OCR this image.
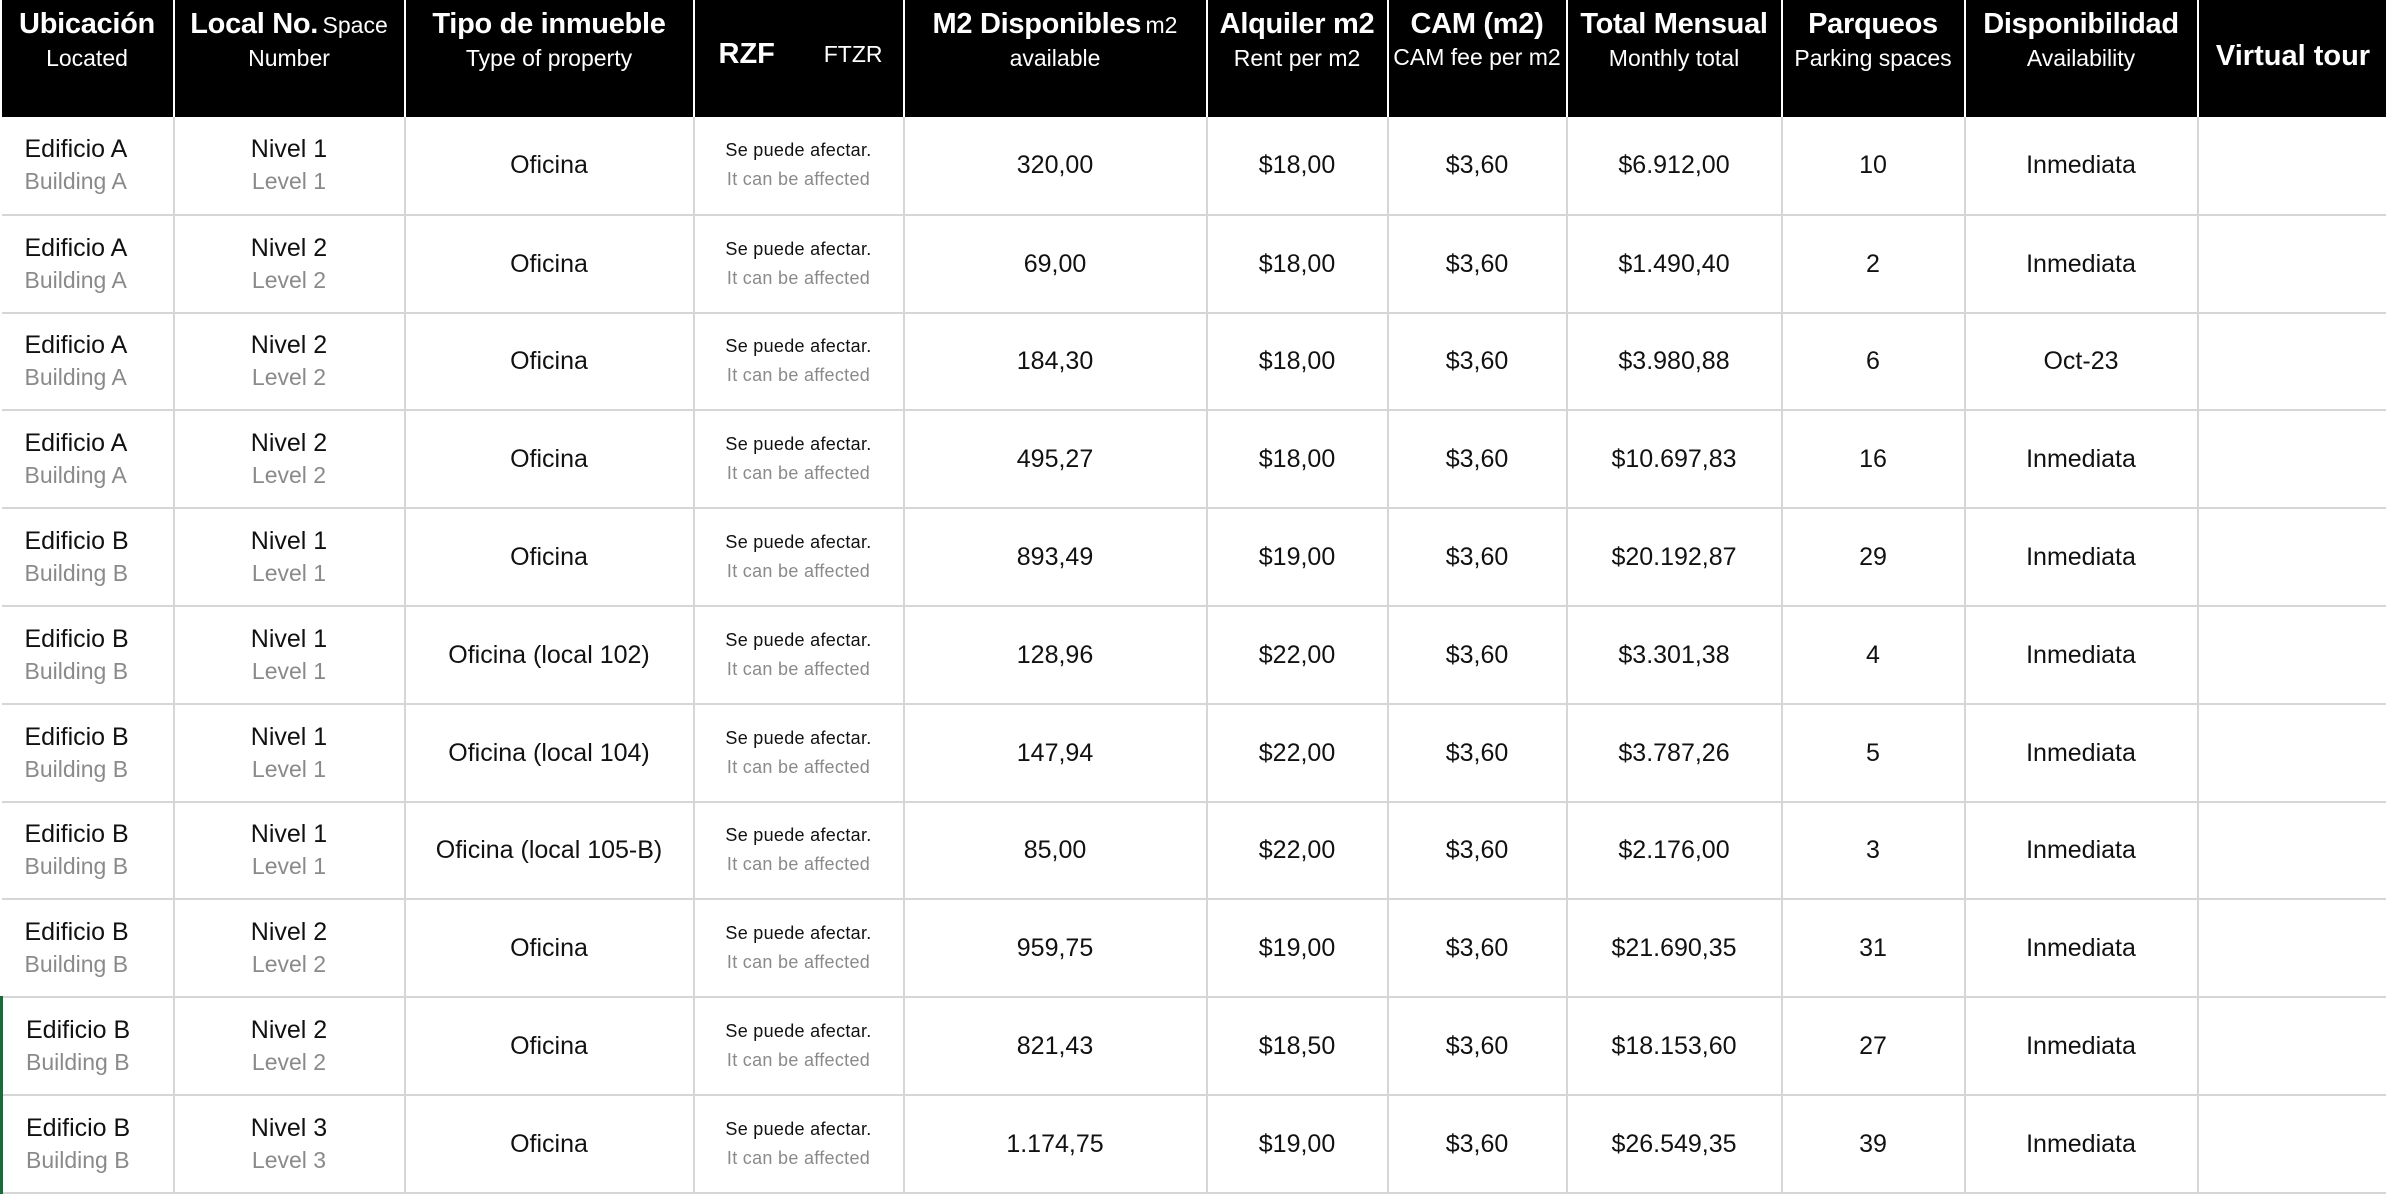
Ubicación
Located	Local No. Space
Number	Tipo de inmueble
Type of property	RZF FTZR	M2 Disponibles m2
available	Alquiler m2
Rent per m2	CAM (m2)
CAM fee per m2	Total Mensual
Monthly total	Parqueos
Parking spaces	Disponibilidad
Availability	Virtual tour

Edificio A
Building A	Nivel 1
Level 1	Oficina	Se puede afectar.
It can be affected	320,00	$18,00	$3,60	$6.912,00	10	Inmediata	

Edificio A
Building A	Nivel 2
Level 2	Oficina	Se puede afectar.
It can be affected	69,00	$18,00	$3,60	$1.490,40	2	Inmediata	

Edificio A
Building A	Nivel 2
Level 2	Oficina	Se puede afectar.
It can be affected	184,30	$18,00	$3,60	$3.980,88	6	Oct-23	

Edificio A
Building A	Nivel 2
Level 2	Oficina	Se puede afectar.
It can be affected	495,27	$18,00	$3,60	$10.697,83	16	Inmediata	

Edificio B
Building B	Nivel 1
Level 1	Oficina	Se puede afectar.
It can be affected	893,49	$19,00	$3,60	$20.192,87	29	Inmediata	

Edificio B
Building B	Nivel 1
Level 1	Oficina (local 102)	Se puede afectar.
It can be affected	128,96	$22,00	$3,60	$3.301,38	4	Inmediata	

Edificio B
Building B	Nivel 1
Level 1	Oficina (local 104)	Se puede afectar.
It can be affected	147,94	$22,00	$3,60	$3.787,26	5	Inmediata	

Edificio B
Building B	Nivel 1
Level 1	Oficina (local 105-B)	Se puede afectar.
It can be affected	85,00	$22,00	$3,60	$2.176,00	3	Inmediata	

Edificio B
Building B	Nivel 2
Level 2	Oficina	Se puede afectar.
It can be affected	959,75	$19,00	$3,60	$21.690,35	31	Inmediata	

Edificio B
Building B	Nivel 2
Level 2	Oficina	Se puede afectar.
It can be affected	821,43	$18,50	$3,60	$18.153,60	27	Inmediata	

Edificio B
Building B	Nivel 3
Level 3	Oficina	Se puede afectar.
It can be affected	1.174,75	$19,00	$3,60	$26.549,35	39	Inmediata	
